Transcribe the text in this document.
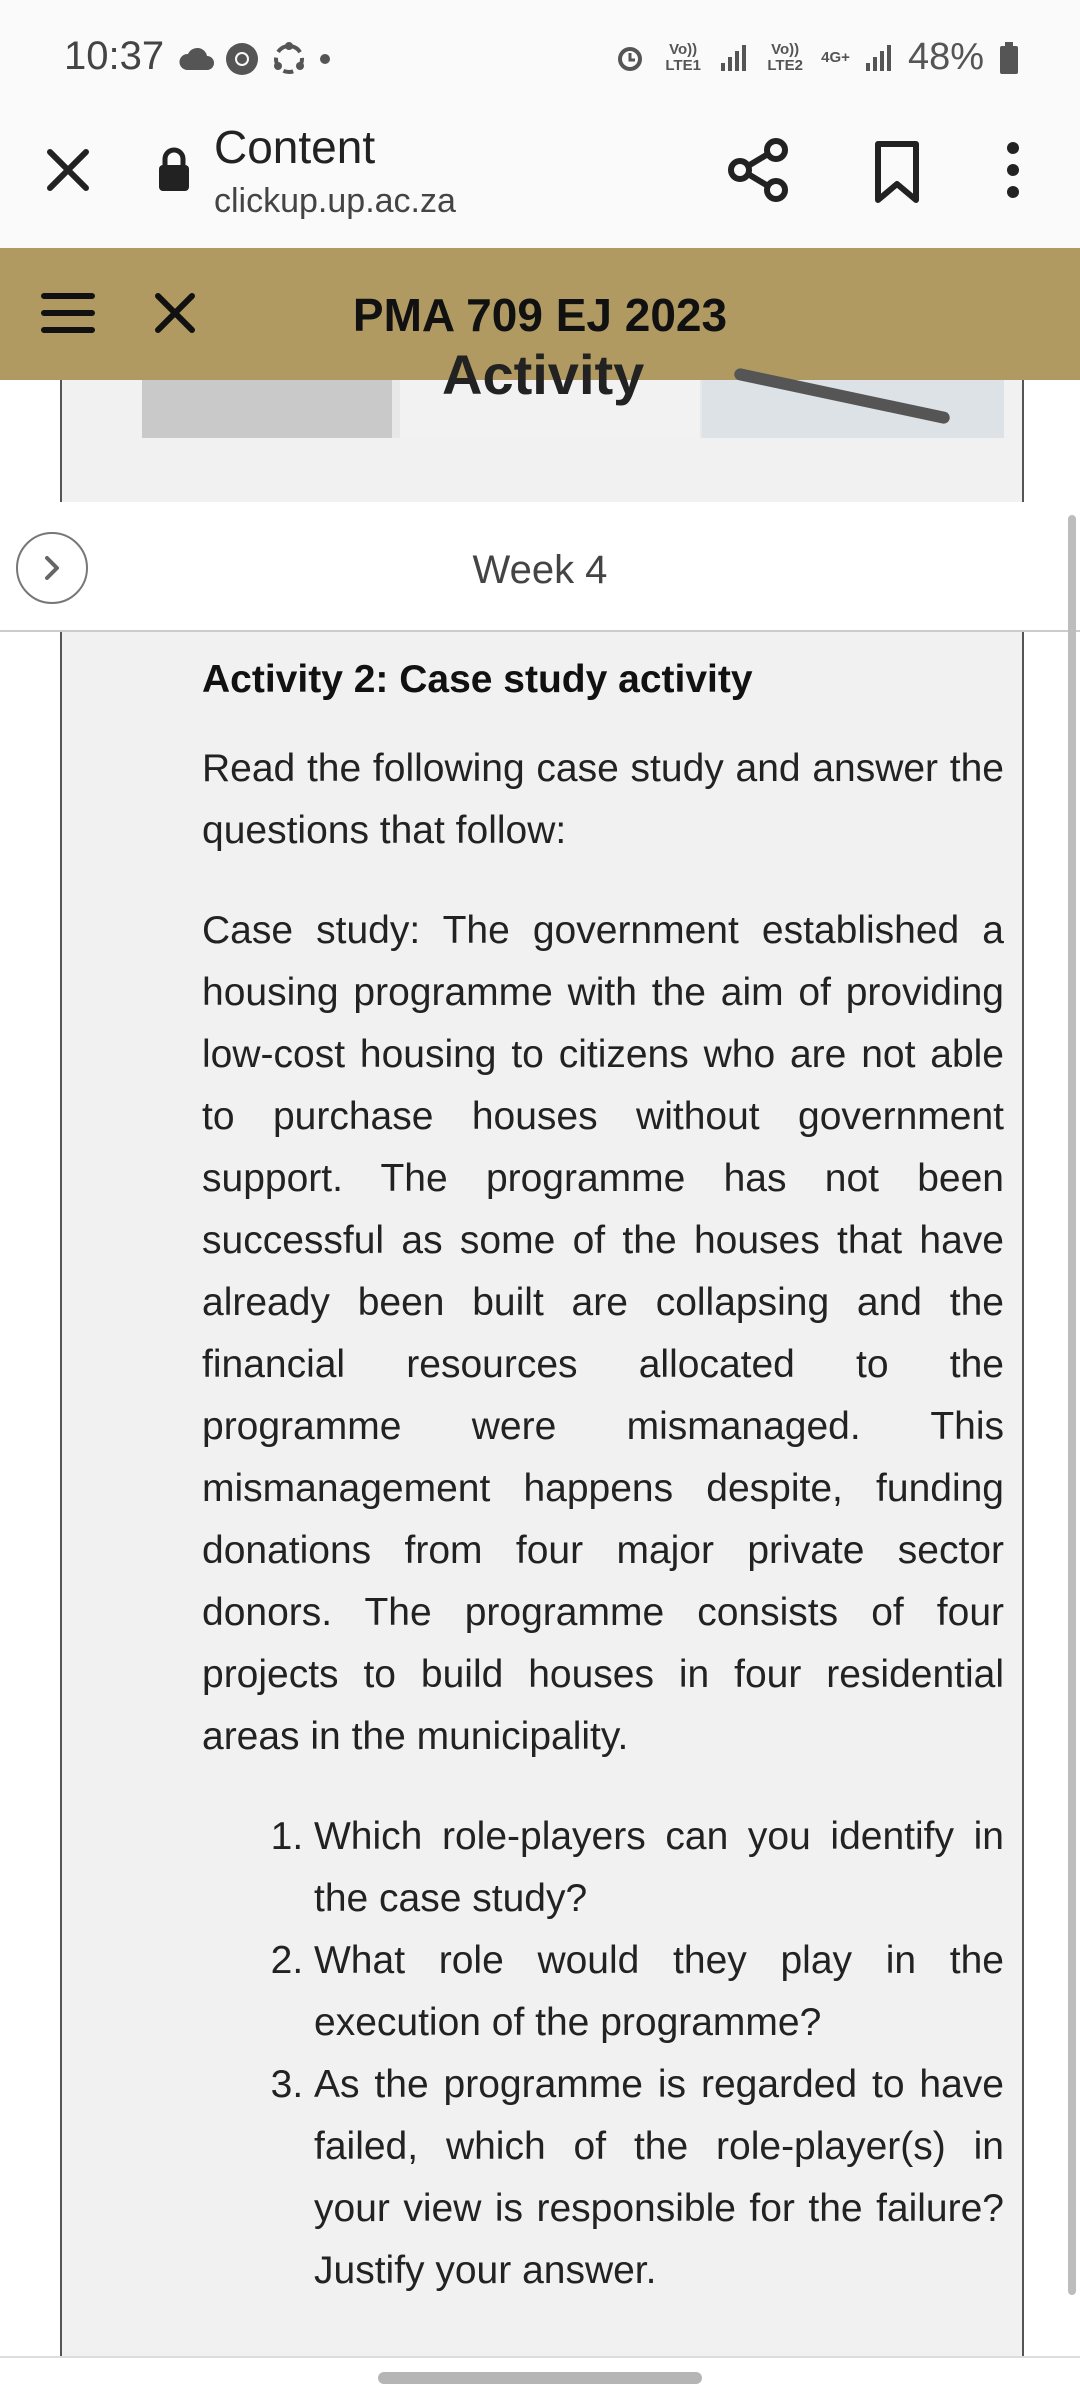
10:37	Vo)) LTE1
Vo)) LTE2 4G+ 48%
Content
clickup.up.ac.za
PMA 709 EJ 2023
Activity
Week 4
Activity 2: Case study activity

Read the following case study and answer the questions that follow:

Case study: The government established a housing programme with the aim of providing low-cost housing to citizens who are not able to purchase houses without government support. The programme has not been successful as some of the houses that have already been built are collapsing and the financial resources allocated to the programme were mismanaged. This mismanagement happens despite, funding donations from four major private sector donors. The programme consists of four projects to build houses in four residential areas in the municipality.

1. Which role-players can you identify in the case study?
2. What role would they play in the execution of the programme?
3. As the programme is regarded to have failed, which of the role-player(s) in your view is responsible for the failure? Justify your answer.
